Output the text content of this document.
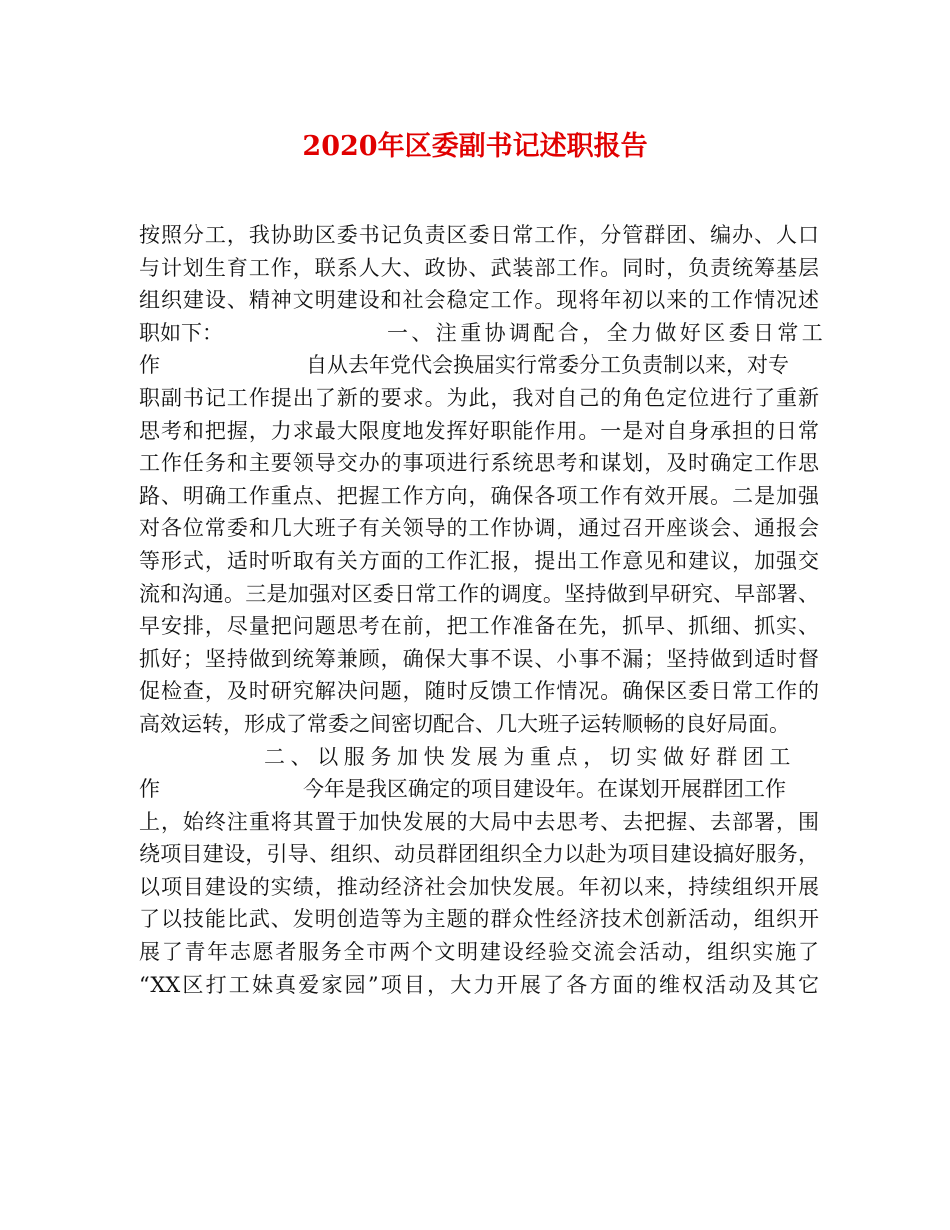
2020年区委副书记述职报告
按照分工，我协助区委书记负责区委日常工作，分管群团、编办、人口
与计划生育工作，联系人大、政协、武装部工作。同时，负责统筹基层
组织建设、精神文明建设和社会稳定工作。现将年初以来的工作情况述
职如下：	一、注重协调配合，全力做好区委日常工
作	自从去年党代会换届实行常委分工负责制以来，对专
职副书记工作提出了新的要求。为此，我对自己的角色定位进行了重新
思考和把握，力求最大限度地发挥好职能作用。一是对自身承担的日常
工作任务和主要领导交办的事项进行系统思考和谋划，及时确定工作思
路、明确工作重点、把握工作方向，确保各项工作有效开展。二是加强
对各位常委和几大班子有关领导的工作协调，通过召开座谈会、通报会
等形式，适时听取有关方面的工作汇报，提出工作意见和建议，加强交
流和沟通。三是加强对区委日常工作的调度。坚持做到早研究、早部署、
早安排，尽量把问题思考在前，把工作准备在先，抓早、抓细、抓实、
抓好；坚持做到统筹兼顾，确保大事不误、小事不漏；坚持做到适时督
促检查，及时研究解决问题，随时反馈工作情况。确保区委日常工作的
高效运转，形成了常委之间密切配合、几大班子运转顺畅的良好局面。
二、以服务加快发展为重点，切实做好群团工
作	今年是我区确定的项目建设年。在谋划开展群团工作
上，始终注重将其置于加快发展的大局中去思考、去把握、去部署，围
绕项目建设，引导、组织、动员群团组织全力以赴为项目建设搞好服务，
以项目建设的实绩，推动经济社会加快发展。年初以来，持续组织开展
了以技能比武、发明创造等为主题的群众性经济技术创新活动，组织开
展了青年志愿者服务全市两个文明建设经验交流会活动，组织实施了
“XX区打工妹真爱家园”项目，大力开展了各方面的维权活动及其它
